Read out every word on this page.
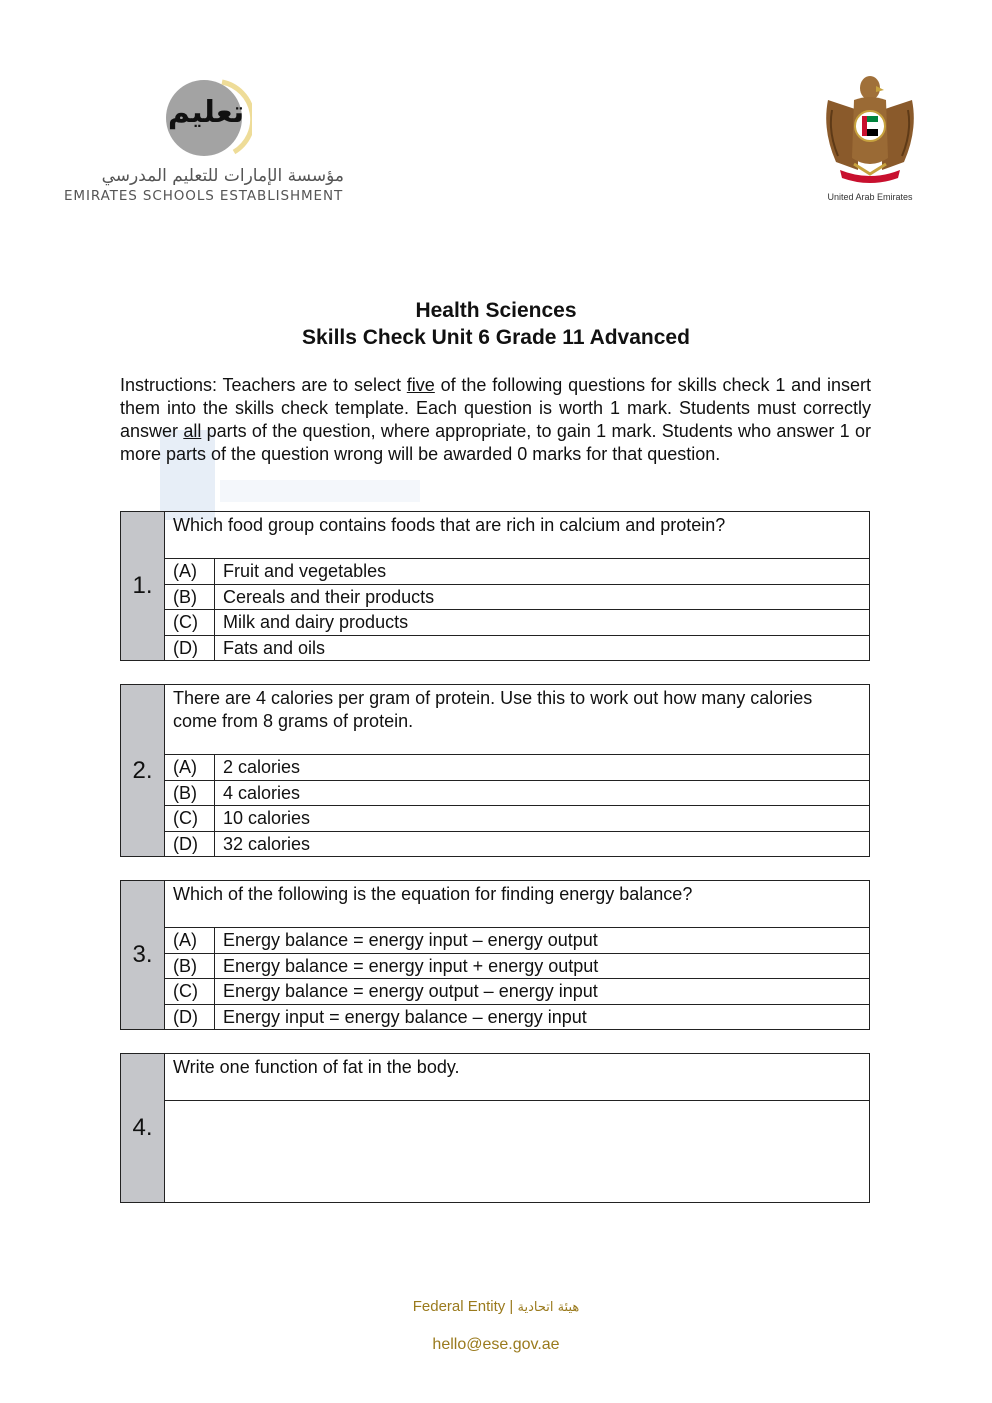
تعليم
مؤسسة الإمارات للتعليم المدرسي
EMIRATES SCHOOLS ESTABLISHMENT	United Arab Emirates
Health Sciences
Skills Check Unit 6 Grade 11 Advanced
Instructions: Teachers are to select five of the following questions for skills check 1 and insert them into the skills check template. Each question is worth 1 mark. Students must correctly answer all parts of the question, where appropriate, to gain 1 mark. Students who answer 1 or more parts of the question wrong will be awarded 0 marks for that question.
1.
Which food group contains foods that are rich in calcium and protein?
(A)	Fruit and vegetables
(B)	Cereals and their products
(C)	Milk and dairy products
(D)	Fats and oils
2.
There are 4 calories per gram of protein. Use this to work out how many calories come from 8 grams of protein.
(A)	2 calories
(B)	4 calories
(C)	10 calories
(D)	32 calories
3.
Which of the following is the equation for finding energy balance?
(A)	Energy balance = energy input – energy output
(B)	Energy balance = energy input + energy output
(C)	Energy balance = energy output – energy input
(D)	Energy input = energy balance – energy input
4.
Write one function of fat in the body.
Federal Entity | هيئة اتحادية
hello@ese.gov.ae
